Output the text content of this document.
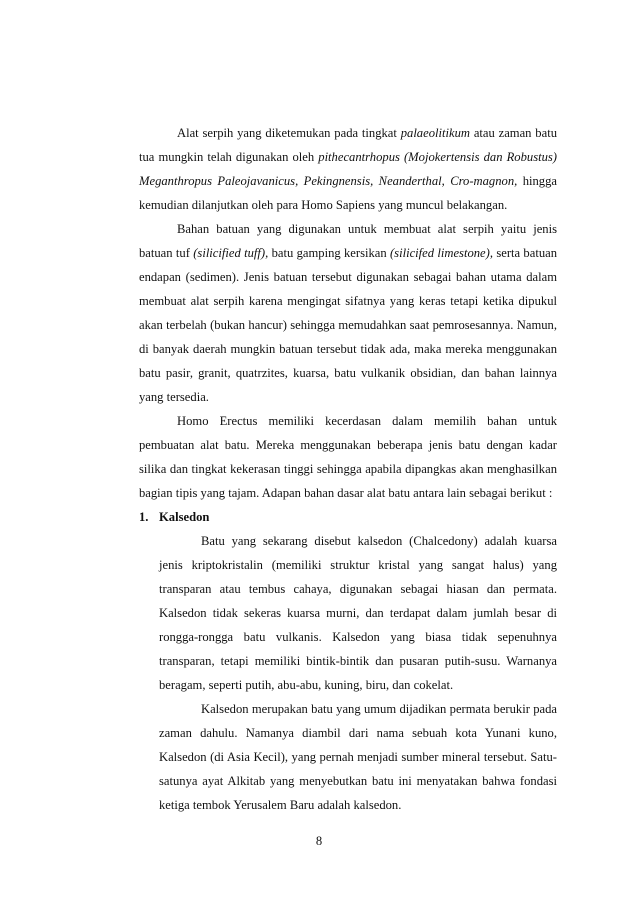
Alat serpih yang diketemukan pada tingkat palaeolitikum atau zaman batu tua mungkin telah digunakan oleh pithecantrhopus (Mojokertensis dan Robustus) Meganthropus Paleojavanicus, Pekingnensis, Neanderthal, Cro-magnon, hingga kemudian dilanjutkan oleh para Homo Sapiens yang muncul belakangan.

Bahan batuan yang digunakan untuk membuat alat serpih yaitu jenis batuan tuf (silicified tuff), batu gamping kersikan (silicifed limestone), serta batuan endapan (sedimen). Jenis batuan tersebut digunakan sebagai bahan utama dalam membuat alat serpih karena mengingat sifatnya yang keras tetapi ketika dipukul akan terbelah (bukan hancur) sehingga memudahkan saat pemrosesannya. Namun, di banyak daerah mungkin batuan tersebut tidak ada, maka mereka menggunakan batu pasir, granit, quatrzites, kuarsa, batu vulkanik obsidian, dan bahan lainnya yang tersedia.

Homo Erectus memiliki kecerdasan dalam memilih bahan untuk pembuatan alat batu. Mereka menggunakan beberapa jenis batu dengan kadar silika dan tingkat kekerasan tinggi sehingga apabila dipangkas akan menghasilkan bagian tipis yang tajam. Adapan bahan dasar alat batu antara lain sebagai berikut :

1. Kalsedon

Batu yang sekarang disebut kalsedon (Chalcedony) adalah kuarsa jenis kriptokristalin (memiliki struktur kristal yang sangat halus) yang transparan atau tembus cahaya, digunakan sebagai hiasan dan permata. Kalsedon tidak sekeras kuarsa murni, dan terdapat dalam jumlah besar di rongga-rongga batu vulkanis. Kalsedon yang biasa tidak sepenuhnya transparan, tetapi memiliki bintik-bintik dan pusaran putih-susu. Warnanya beragam, seperti putih, abu-abu, kuning, biru, dan cokelat.

Kalsedon merupakan batu yang umum dijadikan permata berukir pada zaman dahulu. Namanya diambil dari nama sebuah kota Yunani kuno, Kalsedon (di Asia Kecil), yang pernah menjadi sumber mineral tersebut. Satu-satunya ayat Alkitab yang menyebutkan batu ini menyatakan bahwa fondasi ketiga tembok Yerusalem Baru adalah kalsedon.

8
